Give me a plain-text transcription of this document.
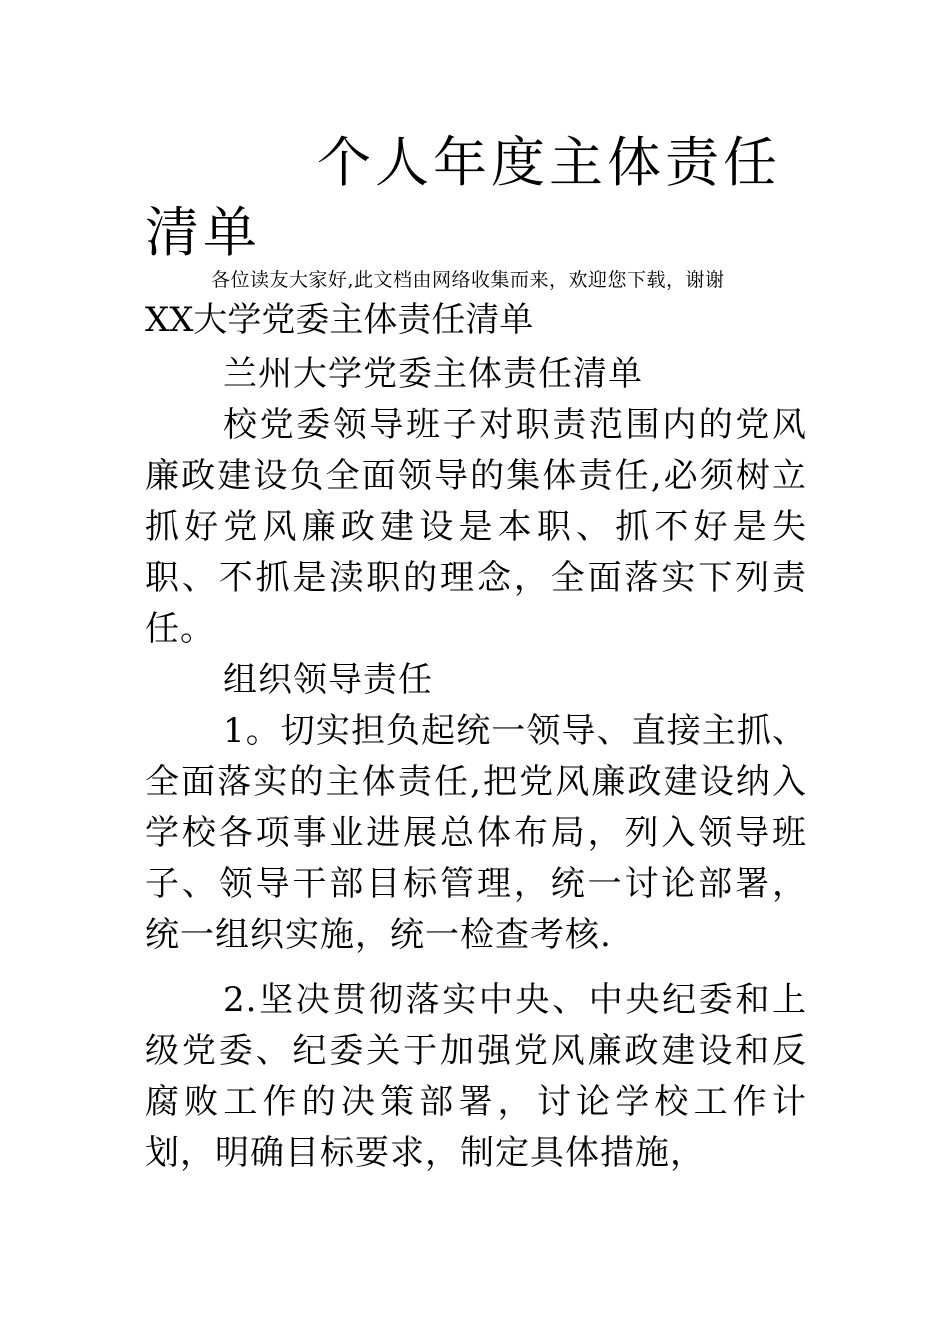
个人年度主体责任清单

各位读友大家好,此文档由网络收集而来，欢迎您下载，谢谢

XX大学党委主体责任清单

兰州大学党委主体责任清单

校党委领导班子对职责范围内的党风廉政建设负全面领导的集体责任,必须树立抓好党风廉政建设是本职、抓不好是失职、不抓是渎职的理念，全面落实下列责任。

组织领导责任

1。切实担负起统一领导、直接主抓、全面落实的主体责任,把党风廉政建设纳入学校各项事业进展总体布局，列入领导班子、领导干部目标管理，统一讨论部署，统一组织实施，统一检查考核.

2.坚决贯彻落实中央、中央纪委和上级党委、纪委关于加强党风廉政建设和反腐败工作的决策部署，讨论学校工作计划，明确目标要求，制定具体措施，
